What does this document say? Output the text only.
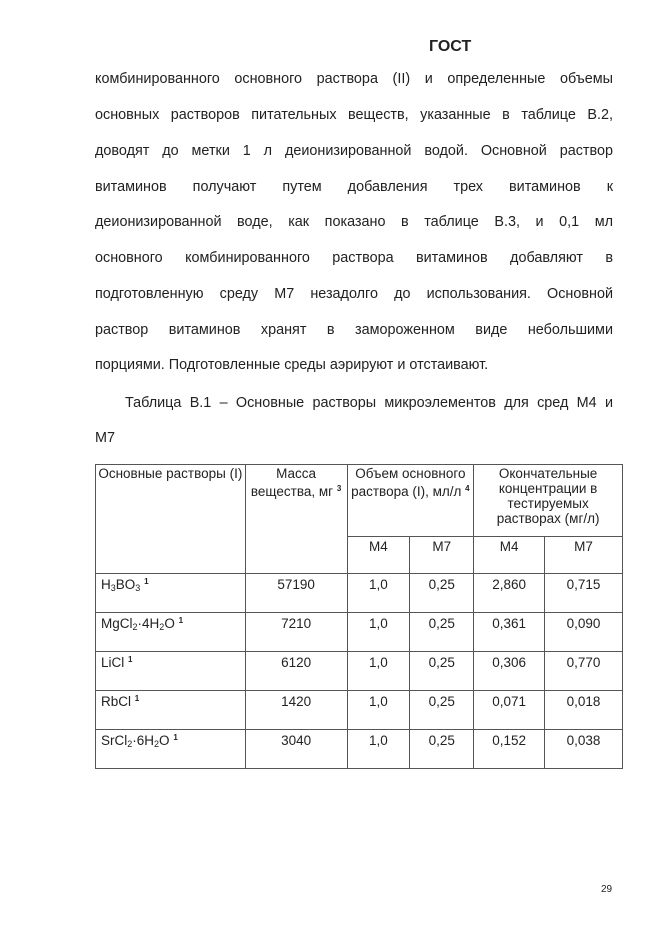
ГОСТ
комбинированного основного раствора (II) и определенные объемы
основных растворов питательных веществ, указанные в таблице В.2,
доводят до метки 1 л деионизированной водой. Основной раствор
витаминов получают путем добавления трех витаминов к
деионизированной воде, как показано в таблице В.3, и 0,1 мл
основного комбинированного раствора витаминов добавляют в
подготовленную среду М7 незадолго до использования. Основной
раствор витаминов хранят в замороженном виде небольшими
порциями. Подготовленные среды аэрируют и отстаивают.
Таблица В.1 – Основные растворы микроэлементов для сред М4 и
М7
Основные растворы (I)	Масса вещества, мг $^3$	Объем основного раствора (I), мл/л $^4$		Окончательные концентрации в тестируемых растворах (мг/л)	
		М4	М7	М4	М7
H3BO3 $^1$	57190	1,0	0,25	2,860	0,715
MgCl2·4H2O $^1$	7210	1,0	0,25	0,361	0,090
LiCl $^1$	6120	1,0	0,25	0,306	0,770
RbCl $^1$	1420	1,0	0,25	0,071	0,018
SrCl2·6H2O $^1$	3040	1,0	0,25	0,152	0,038
29
